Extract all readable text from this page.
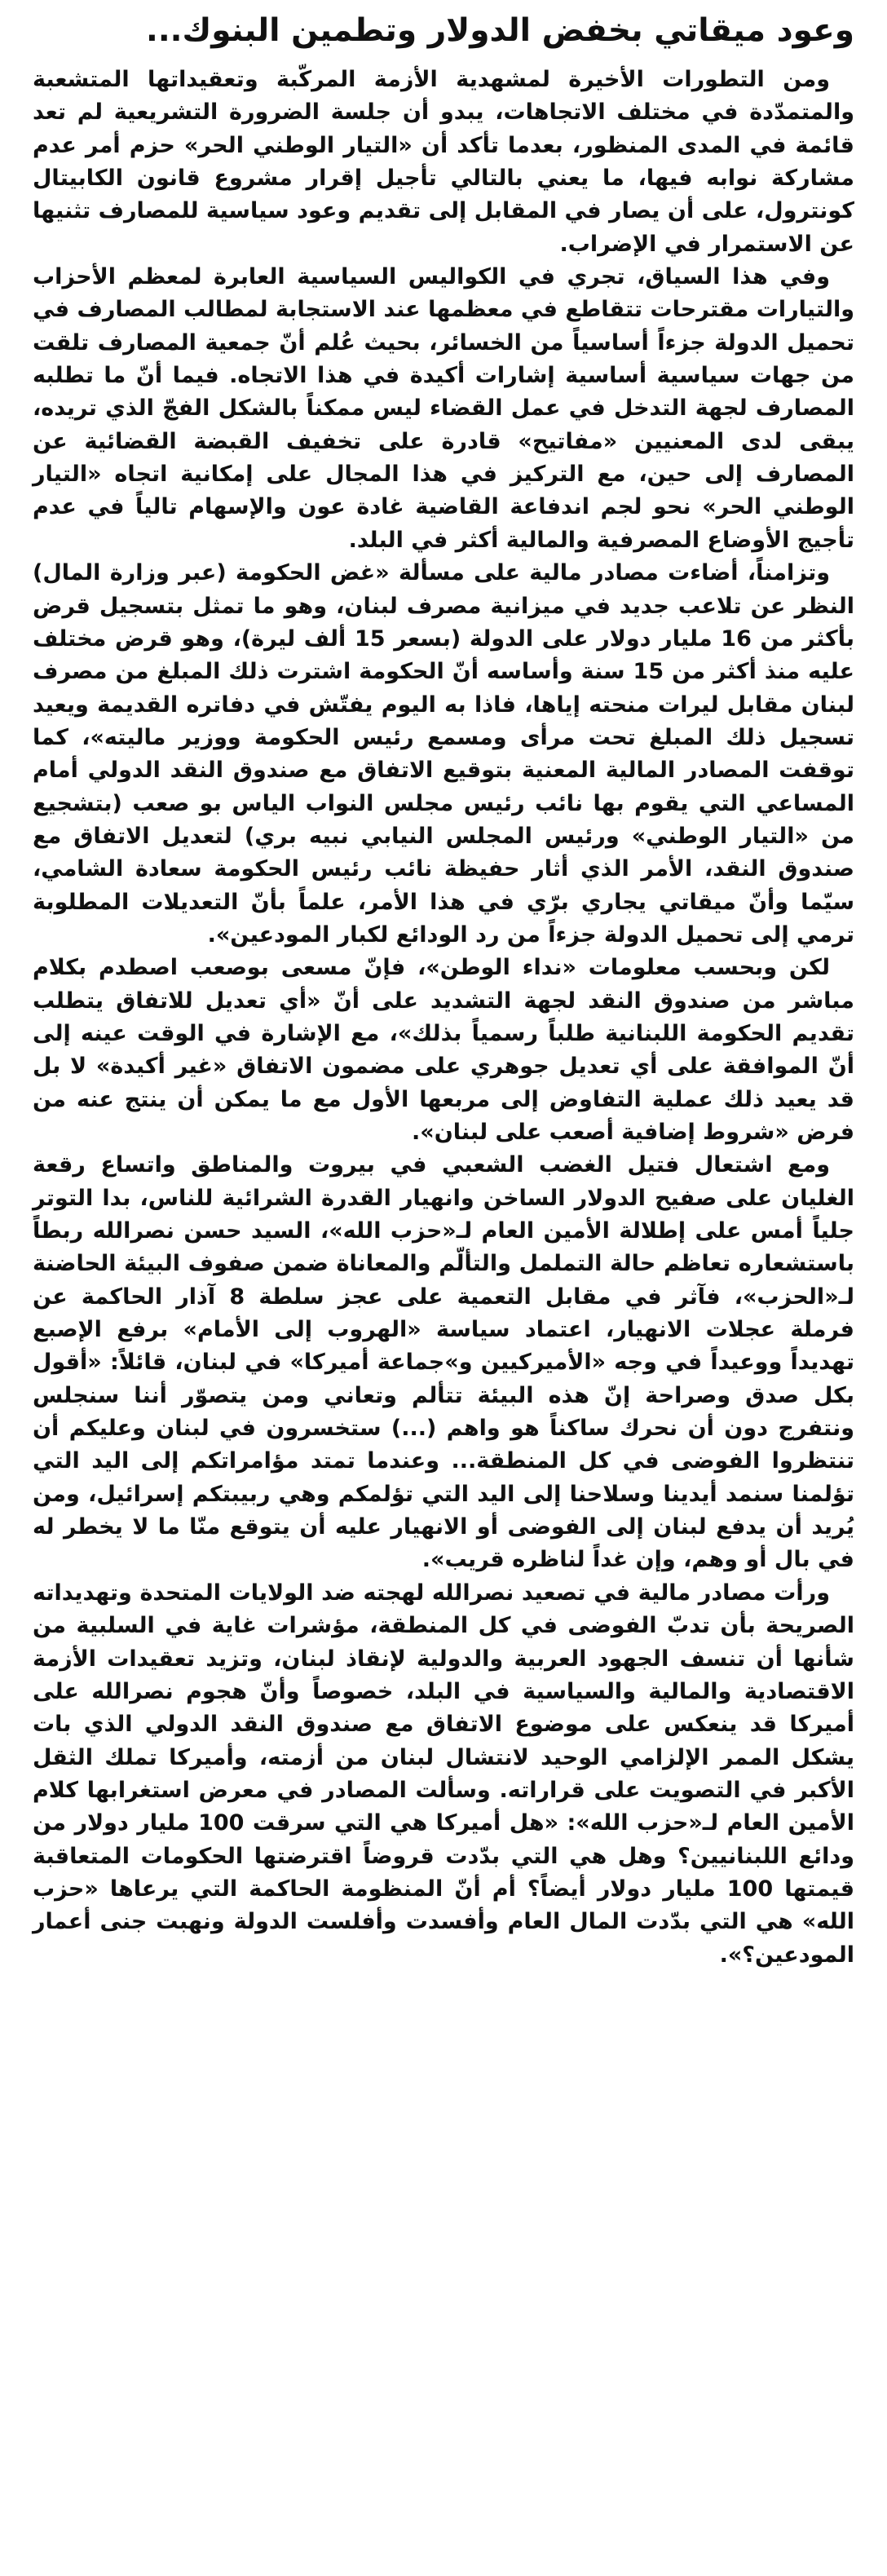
وعود ميقاتي بخفض الدولار وتطمين البنوك...

ومن التطورات الأخيرة لمشهدية الأزمة المركّبة وتعقيداتها المتشعبة والمتمدّدة في مختلف الاتجاهات، يبدو أن جلسة الضرورة التشريعية لم تعد قائمة في المدى المنظور، بعدما تأكد أن «التيار الوطني الحر» حزم أمر عدم مشاركة نوابه فيها، ما يعني بالتالي تأجيل إقرار مشروع قانون الكابيتال كونترول، على أن يصار في المقابل إلى تقديم وعود سياسية للمصارف تثنيها عن الاستمرار في الإضراب.

وفي هذا السياق، تجري في الكواليس السياسية العابرة لمعظم الأحزاب والتيارات مقترحات تتقاطع في معظمها عند الاستجابة لمطالب المصارف في تحميل الدولة جزءاً أساسياً من الخسائر، بحيث عُلم أنّ جمعية المصارف تلقت من جهات سياسية أساسية إشارات أكيدة في هذا الاتجاه. فيما أنّ ما تطلبه المصارف لجهة التدخل في عمل القضاء ليس ممكناً بالشكل الفجّ الذي تريده، يبقى لدى المعنيين «مفاتيح» قادرة على تخفيف القبضة القضائية عن المصارف إلى حين، مع التركيز في هذا المجال على إمكانية اتجاه «التيار الوطني الحر» نحو لجم اندفاعة القاضية غادة عون والإسهام تالياً في عدم تأجيج الأوضاع المصرفية والمالية أكثر في البلد.

وتزامناً، أضاءت مصادر مالية على مسألة «غض الحكومة (عبر وزارة المال) النظر عن تلاعب جديد في ميزانية مصرف لبنان، وهو ما تمثل بتسجيل قرض بأكثر من 16 مليار دولار على الدولة (بسعر 15 ألف ليرة)، وهو قرض مختلف عليه منذ أكثر من 15 سنة وأساسه أنّ الحكومة اشترت ذلك المبلغ من مصرف لبنان مقابل ليرات منحته إياها، فاذا به اليوم يفتّش في دفاتره القديمة ويعيد تسجيل ذلك المبلغ تحت مرأى ومسمع رئيس الحكومة ووزير ماليته»، كما توقفت المصادر المالية المعنية بتوقيع الاتفاق مع صندوق النقد الدولي أمام المساعي التي يقوم بها نائب رئيس مجلس النواب الياس بو صعب (بتشجيع من «التيار الوطني» ورئيس المجلس النيابي نبيه بري) لتعديل الاتفاق مع صندوق النقد، الأمر الذي أثار حفيظة نائب رئيس الحكومة سعادة الشامي، سيّما وأنّ ميقاتي يجاري برّي في هذا الأمر، علماً بأنّ التعديلات المطلوبة ترمي إلى تحميل الدولة جزءاً من رد الودائع لكبار المودعين».

لكن وبحسب معلومات «نداء الوطن»، فإنّ مسعى بوصعب اصطدم بكلام مباشر من صندوق النقد لجهة التشديد على أنّ «أي تعديل للاتفاق يتطلب تقديم الحكومة اللبنانية طلباً رسمياً بذلك»، مع الإشارة في الوقت عينه إلى أنّ الموافقة على أي تعديل جوهري على مضمون الاتفاق «غير أكيدة» لا بل قد يعيد ذلك عملية التفاوض إلى مربعها الأول مع ما يمكن أن ينتج عنه من فرض «شروط إضافية أصعب على لبنان».

ومع اشتعال فتيل الغضب الشعبي في بيروت والمناطق واتساع رقعة الغليان على صفيح الدولار الساخن وانهيار القدرة الشرائية للناس، بدا التوتر جلياً أمس على إطلالة الأمين العام لـ«حزب الله»، السيد حسن نصرالله ربطاً باستشعاره تعاظم حالة التململ والتألّم والمعاناة ضمن صفوف البيئة الحاضنة لـ«الحزب»، فآثر في مقابل التعمية على عجز سلطة 8 آذار الحاكمة عن فرملة عجلات الانهيار، اعتماد سياسة «الهروب إلى الأمام» برفع الإصبع تهديداً ووعيداً في وجه «الأميركيين و»جماعة أميركا» في لبنان، قائلاً: «أقول بكل صدق وصراحة إنّ هذه البيئة تتألم وتعاني ومن يتصوّر أننا سنجلس ونتفرج دون أن نحرك ساكناً هو واهم (...) ستخسرون في لبنان وعليكم أن تنتظروا الفوضى في كل المنطقة... وعندما تمتد مؤامراتكم إلى اليد التي تؤلمنا سنمد أيدينا وسلاحنا إلى اليد التي تؤلمكم وهي ربيبتكم إسرائيل، ومن يُريد أن يدفع لبنان إلى الفوضى أو الانهيار عليه أن يتوقع منّا ما لا يخطر له في بال أو وهم، وإن غداً لناظره قريب».

ورأت مصادر مالية في تصعيد نصرالله لهجته ضد الولايات المتحدة وتهديداته الصريحة بأن تدبّ الفوضى في كل المنطقة، مؤشرات غاية في السلبية من شأنها أن تنسف الجهود العربية والدولية لإنقاذ لبنان، وتزيد تعقيدات الأزمة الاقتصادية والمالية والسياسية في البلد، خصوصاً وأنّ هجوم نصرالله على أميركا قد ينعكس على موضوع الاتفاق مع صندوق النقد الدولي الذي بات يشكل الممر الإلزامي الوحيد لانتشال لبنان من أزمته، وأميركا تملك الثقل الأكبر في التصويت على قراراته. وسألت المصادر في معرض استغرابها كلام الأمين العام لـ«حزب الله»: «هل أميركا هي التي سرقت 100 مليار دولار من ودائع اللبنانيين؟ وهل هي التي بدّدت قروضاً اقترضتها الحكومات المتعاقبة قيمتها 100 مليار دولار أيضاً؟ أم أنّ المنظومة الحاكمة التي يرعاها «حزب الله» هي التي بدّدت المال العام وأفسدت وأفلست الدولة ونهبت جنى أعمار المودعين؟».
